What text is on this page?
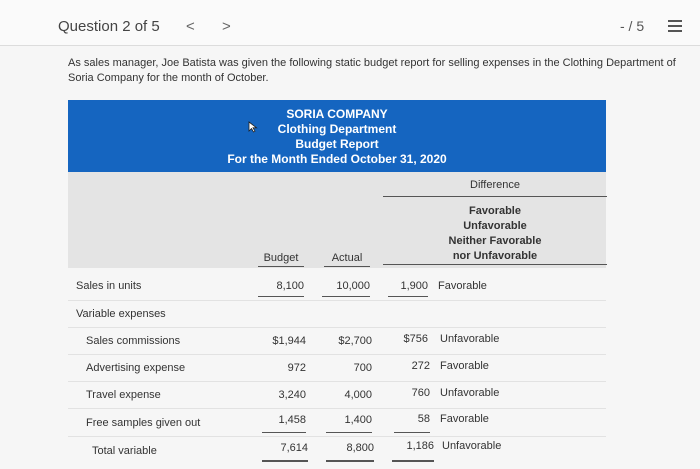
Question 2 of 5 < >	- / 5

As sales manager, Joe Batista was given the following static budget report for selling expenses in the Clothing Department of Soria Company for the month of October.

SORIA COMPANY
Clothing Department
Budget Report
For the Month Ended October 31, 2020
Difference
Favorable
Unfavorable
Neither Favorable
nor Unfavorable
Budget	Actual
Sales in units	8,100	10,000	1,900 Favorable
Variable expenses
Sales commissions	$1,944	$2,700	$756 Unfavorable
Advertising expense	972	700	272 Favorable
Travel expense	3,240	4,000	760 Unfavorable
Free samples given out	1,458	1,400	58 Favorable
Total variable	7,614	8,800	1,186 Unfavorable
